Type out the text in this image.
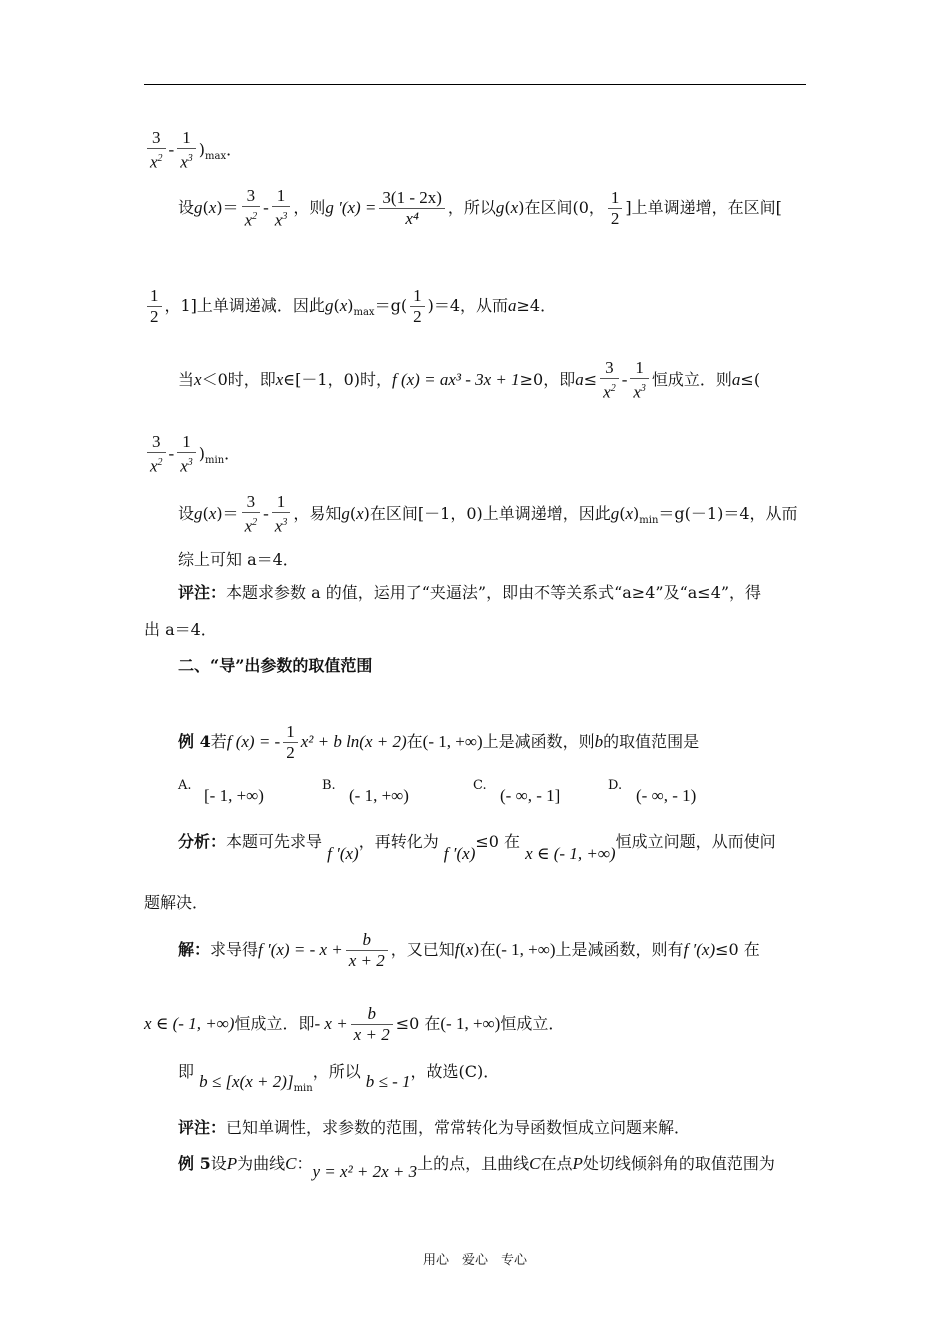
$\frac{3}{x^2} - \frac{1}{x^3} )_{max}$．
设$g(x)= \frac{3}{x^2} - \frac{1}{x^3}$ ，则g $'(x) = \frac{3(1 - 2x)}{\text{x⁴}}$ ，所以g(x)在区间(0， $\frac{1}{2}$ ]上单调递增，在区间[
$\frac{1}{2}$ ，1]上单调递减．因此$g(x)_{max}=g( \frac{1}{2} )=4$，从而a≥4．
当x＜0时，即x∈[－1，0)时，f (x) = ax³ - 3x + 1≥0，即$a\le \frac{3}{x^2} - \frac{1}{x^3}$ 恒成立．则a≤(
$\frac{3}{x^2} - \frac{1}{x^3} )_{min}$．
设$g(x)= \frac{3}{x^2} - \frac{1}{x^3}$ ，易知g(x)在区间[－1，0)上单调递增，因此$g(x)_{min}=g(-1)=4$，从而
综上可知 a＝4．
评注：本题求参数 a 的值，运用了“夹逼法”，即由不等关系式“a≥4”及“a≤4”，得
出 a＝4．
二、“导”出参数的取值范围
例 4若f (x) = - $\frac{1}{2} x^2 + b$ ln(x + 2)在(- 1, +∞)上是减函数，则b的取值范围是
A.
[- 1, +∞)
B.
(- 1, +∞)
C.
(- ∞, - 1]
D.
(- ∞, - 1)
分析：本题可先求导 f ′(x)，再转化为 f ′(x)≤0 在 x ∈ (- 1, +∞)恒成立问题，从而使问
题解决．
解：求导得f ′(x) = - $x + \frac{b}{x + 2}$ ，又已知f(x)在(- 1, +∞)上是减函数，则有f ′(x)≤0 在
x ∈ (- 1, +∞)恒成立．即- $x + \frac{b}{x + 2} \le 0$ 在(- 1, +∞)恒成立．
即 $b \le [x(x + 2)]_{min}$，所以 b ≤ - 1，故选(C)．
评注：已知单调性，求参数的范围，常常转化为导函数恒成立问题来解．
例 5设P为曲线C：y = x² + 2x + 3上的点，且曲线C在点P处切线倾斜角的取值范围为
用心　爱心　专心
